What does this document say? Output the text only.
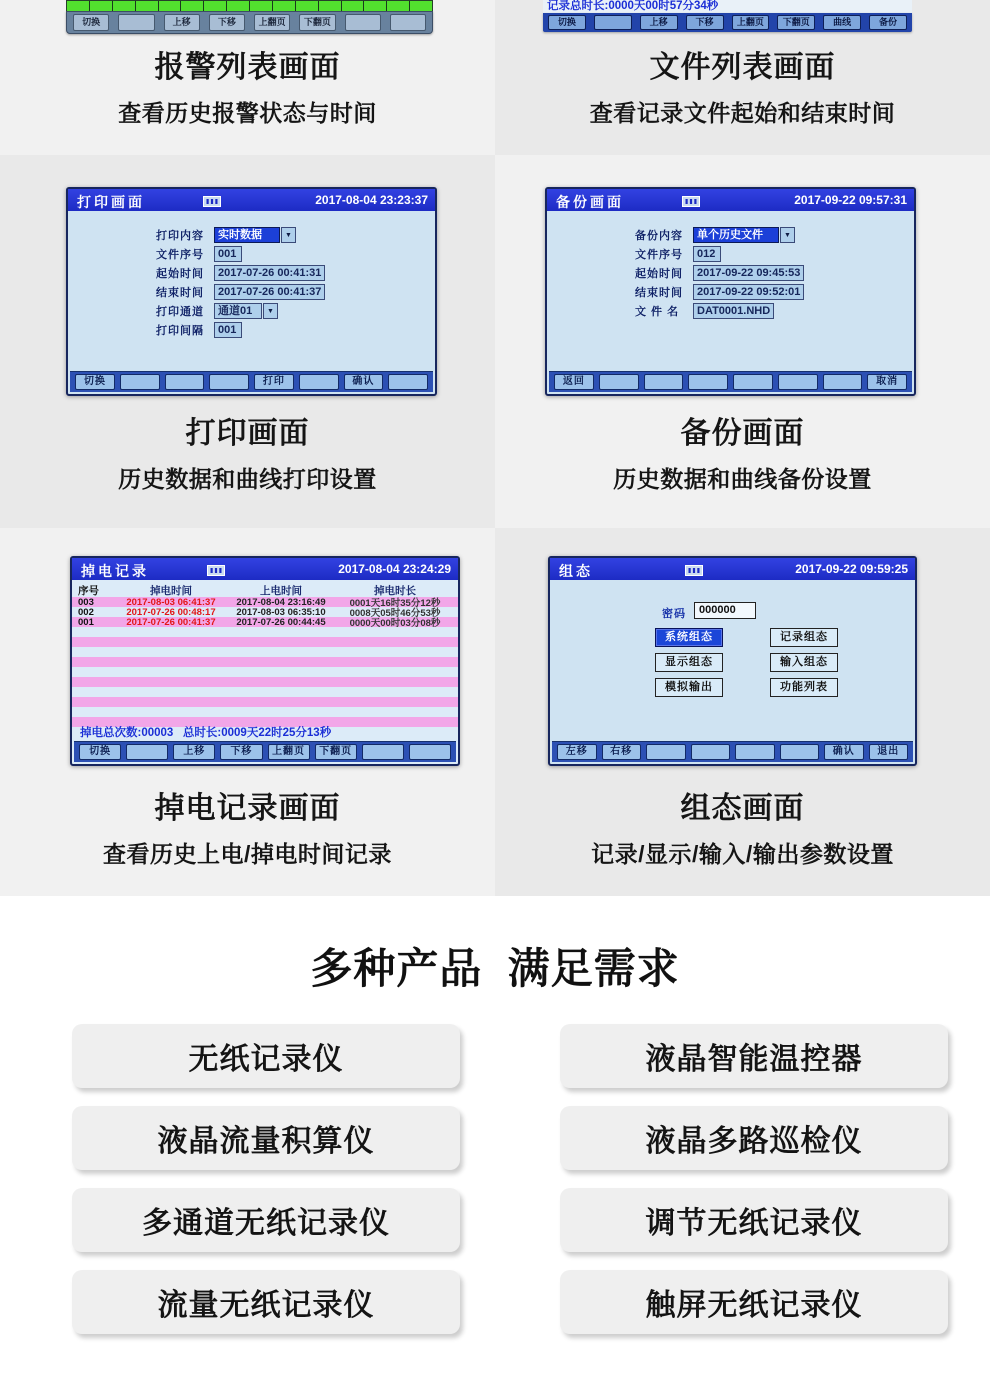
切换	上移	下移	上翻页	下翻页
报警列表画面
查看历史报警状态与时间
记录总时长:0000天00时57分34秒
切换	上移	下移	上翻页	下翻页	曲线	备份
文件列表画面
查看记录文件起始和结束时间
打印画面	2017-08-04 23:23:37
打印内容	实时数据	▼
文件序号	001
起始时间	2017-07-26 00:41:31
结束时间	2017-07-26 00:41:37
打印通道	通道01	▼
打印间隔	001
切换	打印	确认
打印画面
历史数据和曲线打印设置
备份画面	2017-09-22 09:57:31
备份内容	单个历史文件	▼
文件序号	012
起始时间	2017-09-22 09:45:53
结束时间	2017-09-22 09:52:01
文 件 名	DAT0001.NHD
返回	取消
备份画面
历史数据和曲线备份设置
掉电记录	2017-08-04 23:24:29
序号	掉电时间	上电时间	掉电时长
003	2017-08-03 06:41:37	2017-08-04 23:16:49	0001天16时35分12秒
002	2017-07-26 00:48:17	2017-08-03 06:35:10	0008天05时46分53秒
001	2017-07-26 00:41:37	2017-07-26 00:44:45	0000天00时03分08秒
掉电总次数:00003 总时长:0009天22时25分13秒
切换	上移	下移	上翻页	下翻页
掉电记录画面
查看历史上电/掉电时间记录
组态	2017-09-22 09:59:25
密码	000000
系统组态	记录组态
显示组态	输入组态
模拟输出	功能列表
左移	右移	确认	退出
组态画面
记录/显示/输入/输出参数设置
多种产品  满足需求
无纸记录仪	液晶智能温控器
液晶流量积算仪	液晶多路巡检仪
多通道无纸记录仪	调节无纸记录仪
流量无纸记录仪	触屏无纸记录仪
